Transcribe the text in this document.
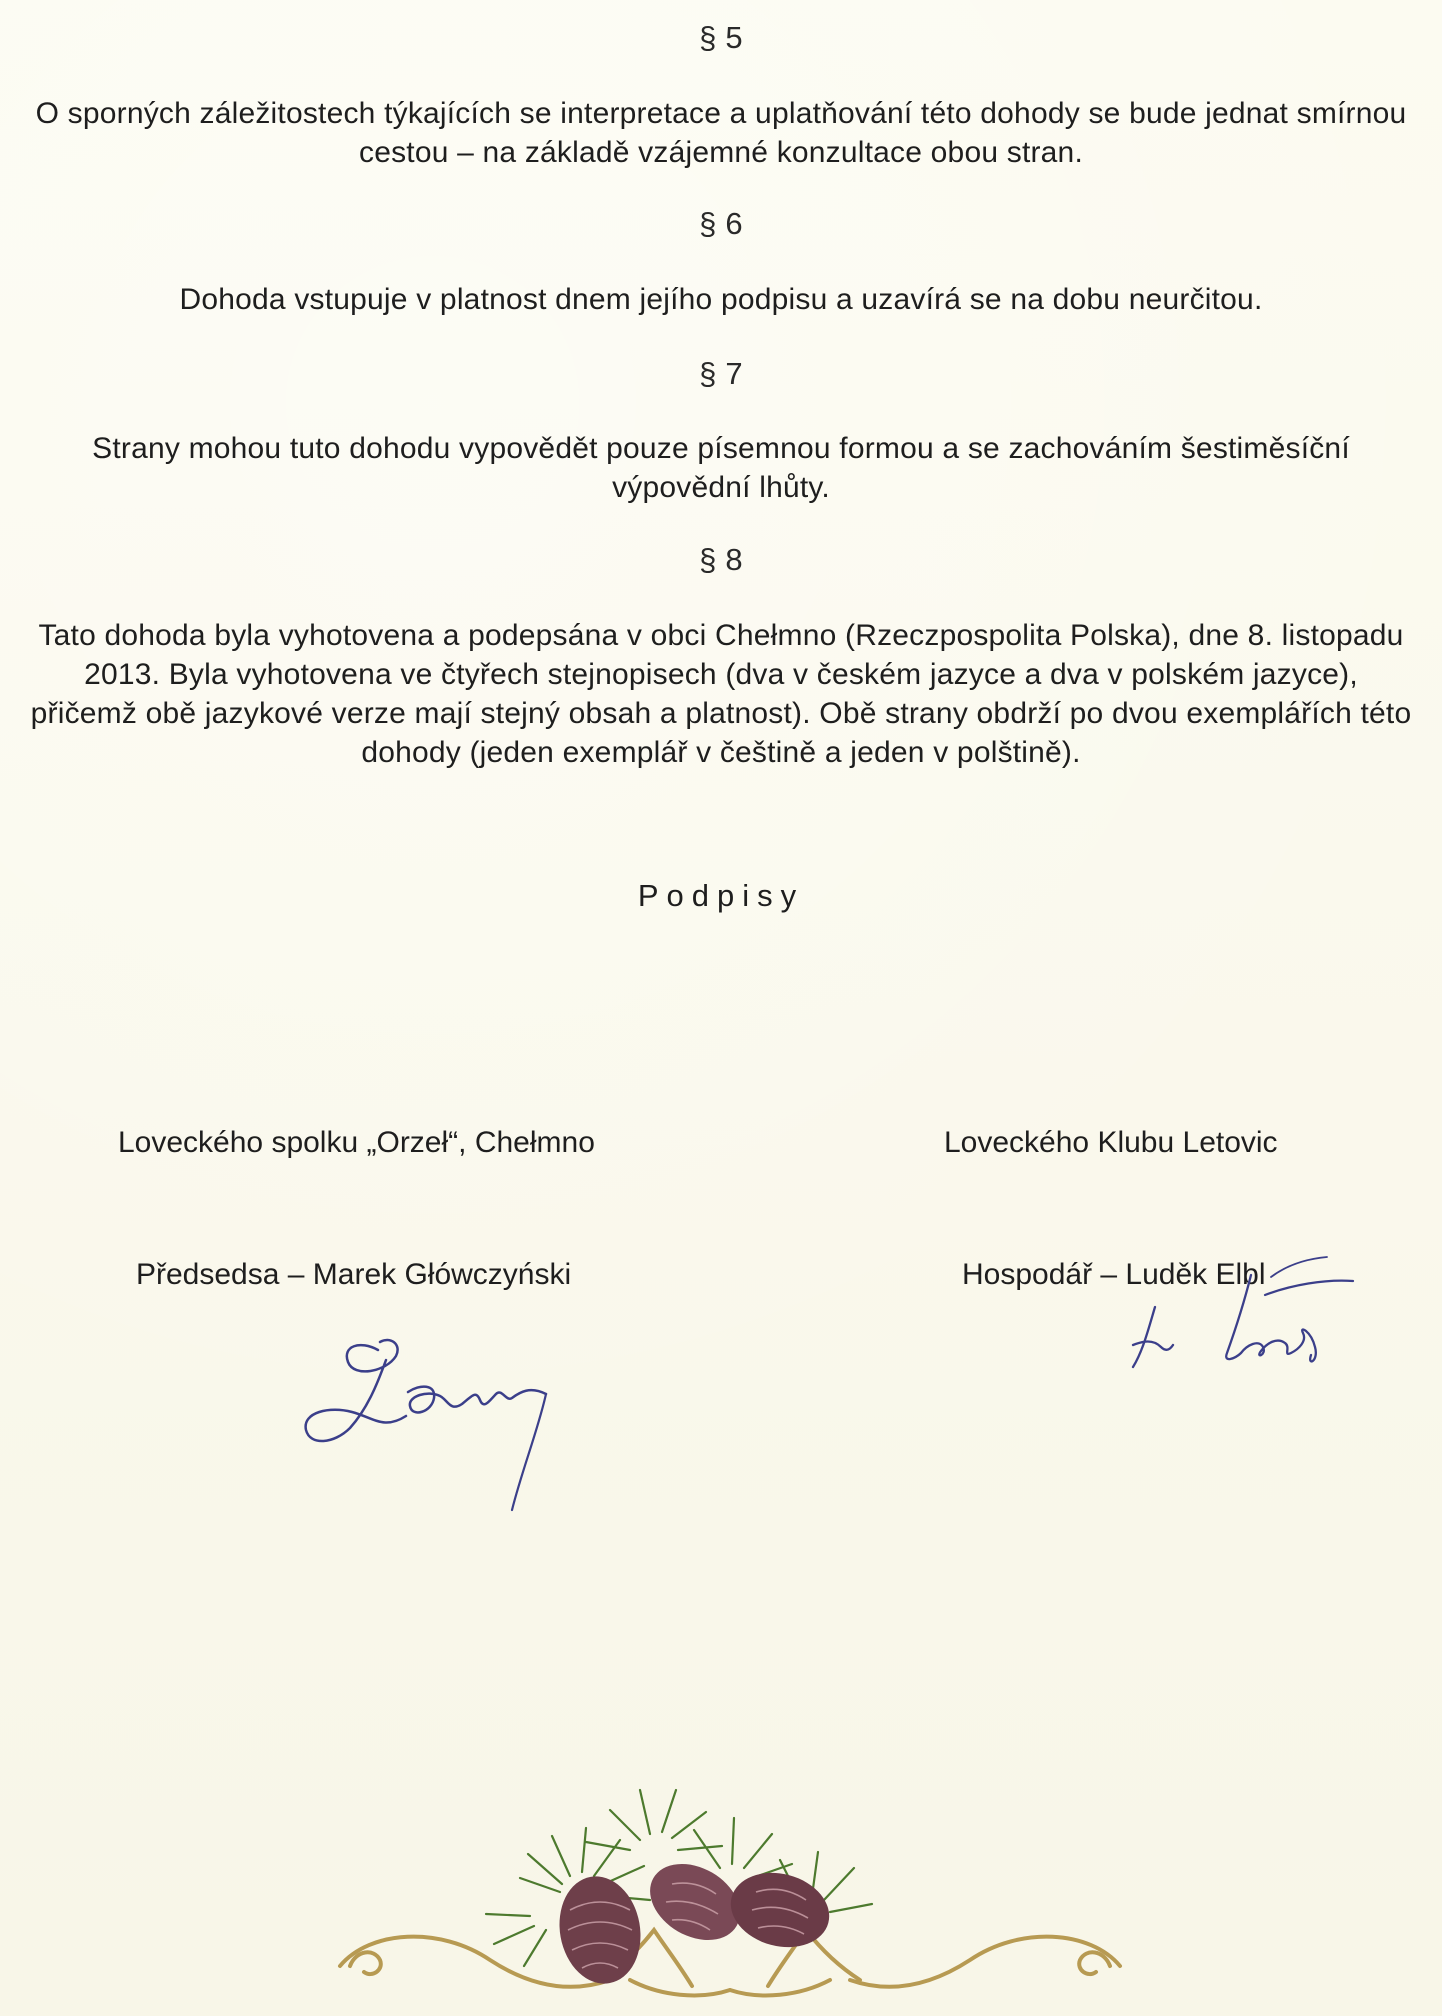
§ 5

O sporných záležitostech týkajících se interpretace a uplatňování této dohody se bude jednat smírnou cestou – na základě vzájemné konzultace obou stran.

§ 6

Dohoda vstupuje v platnost dnem jejího podpisu a uzavírá se na dobu neurčitou.

§ 7

Strany mohou tuto dohodu vypovědět pouze písemnou formou a se zachováním šestiměsíční výpovědní lhůty.

§ 8

Tato dohoda byla vyhotovena a podepsána v obci Chełmno (Rzeczpospolita Polska), dne 8. listopadu 2013. Byla vyhotovena ve čtyřech stejnopisech (dva v českém jazyce a dva v polském jazyce), přičemž obě jazykové verze mají stejný obsah a platnost). Obě strany obdrží po dvou exemplářích této dohody (jeden exemplář v češtině a jeden v polštině).

Podpisy

Loveckého spolku „Orzeł“, Chełmno	Loveckého Klubu Letovic

Předsedsa – Marek Główczyński	Hospodář – Luděk Elbl
